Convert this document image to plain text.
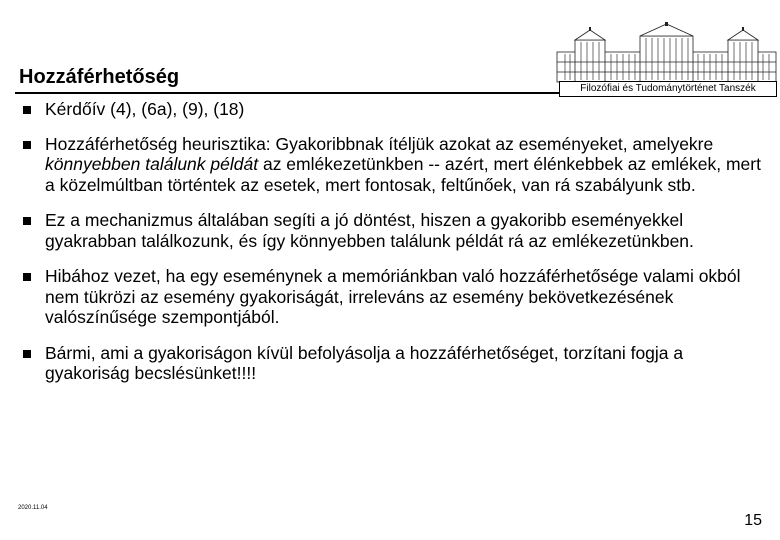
Hozzáférhetőség
Filozófiai és Tudománytörténet Tanszék
Kérdőív (4), (6a), (9), (18)
Hozzáférhetőség heurisztika: Gyakoribbnak ítéljük azokat az eseményeket, amelyekre könnyebben találunk példát az emlékezetünkben -- azért, mert élénkebbek az emlékek, mert a közelmúltban történtek az esetek, mert fontosak, feltűnőek, van rá szabályunk stb.
Ez a mechanizmus általában segíti a jó döntést, hiszen a gyakoribb eseményekkel gyakrabban találkozunk, és így könnyebben találunk példát rá az emlékezetünkben.
Hibához vezet, ha egy eseménynek a memóriánkban való hozzáférhetősége valami okból nem tükrözi az esemény gyakoriságát, irreleváns az esemény bekövetkezésének valószínűsége szempontjából.
Bármi, ami a gyakoriságon kívül befolyásolja a hozzáférhetőséget, torzítani fogja a gyakoriság becslésünket!!!!
2020.11.04
15
